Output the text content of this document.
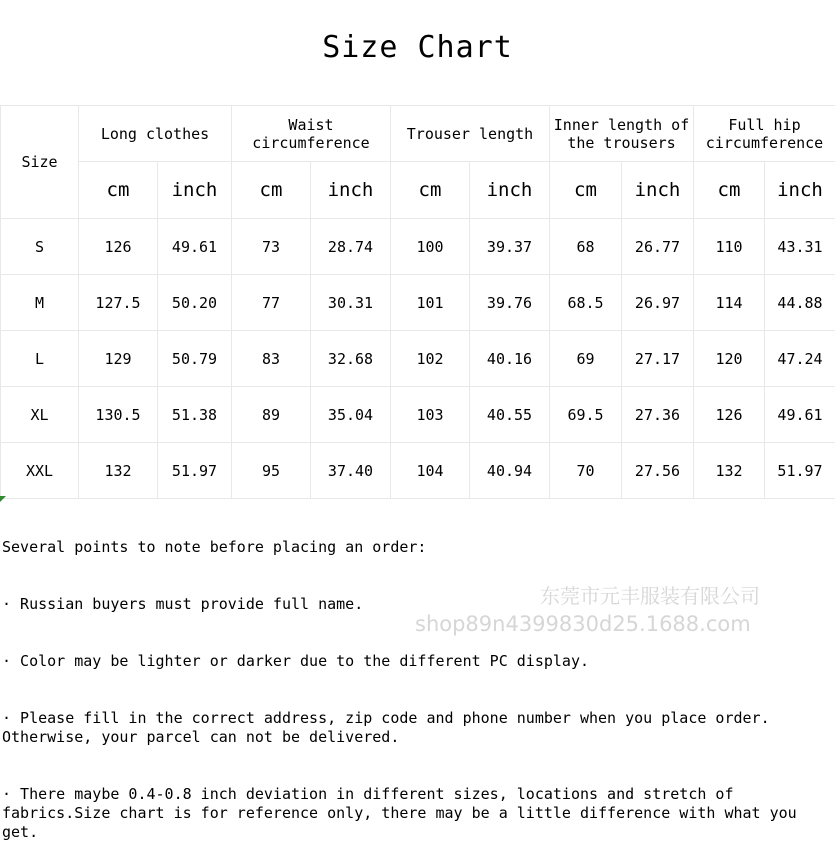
Size Chart
Size	Long clothes		Waist circumference		Trouser length		Inner length of the trousers		Full hip circumference	
	cm	inch	cm	inch	cm	inch	cm	inch	cm	inch
S	126	49.61	73	28.74	100	39.37	68	26.77	110	43.31
M	127.5	50.20	77	30.31	101	39.76	68.5	26.97	114	44.88
L	129	50.79	83	32.68	102	40.16	69	27.17	120	47.24
XL	130.5	51.38	89	35.04	103	40.55	69.5	27.36	126	49.61
XXL	132	51.97	95	37.40	104	40.94	70	27.56	132	51.97

Several points to note before placing an order:

· Russian buyers must provide full name.

· Color may be lighter or darker due to the different PC display.

· Please fill in the correct address, zip code and phone number when you place order. Otherwise, your parcel can not be delivered.

· There maybe 0.4-0.8 inch deviation in different sizes, locations and stretch of fabrics.Size chart is for reference only, there may be a little difference with what you get.

东莞市元丰服装有限公司
shop89n4399830d25.1688.com
